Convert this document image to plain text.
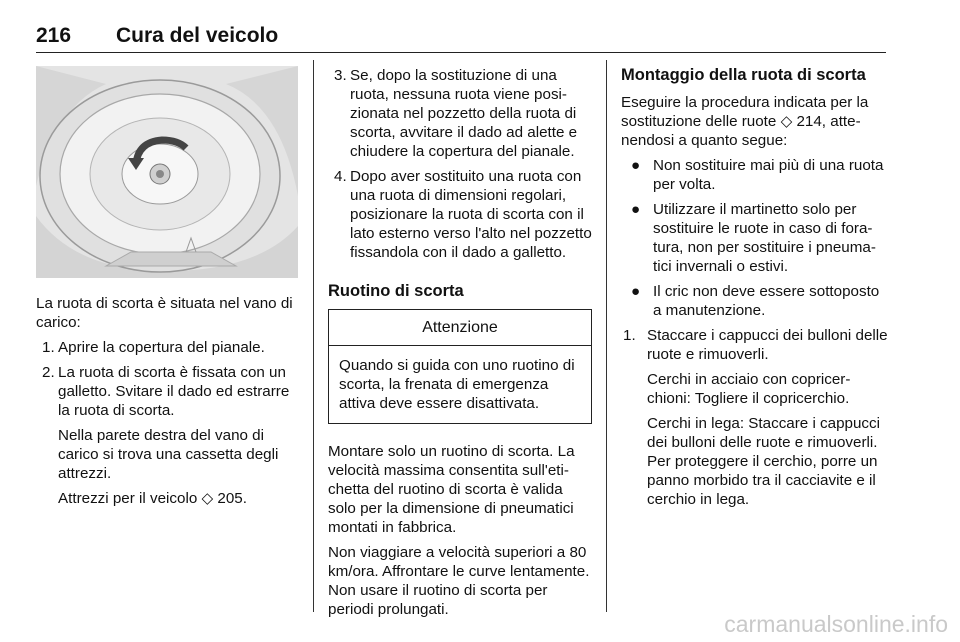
216 Cura del veicolo
La ruota di scorta è situata nel vano di carico:
1. Aprire la copertura del pianale.
2. La ruota di scorta è fissata con un galletto. Svitare il dado ed estrarre la ruota di scorta.

Nella parete destra del vano di carico si trova una cassetta degli attrezzi.

Attrezzi per il veicolo ◇ 205.

3. Se, dopo la sostituzione di una ruota, nessuna ruota viene posizionata nel pozzetto della ruota di scorta, avvitare il dado ad alette e chiudere la copertura del pianale.
4. Dopo aver sostituito una ruota con una ruota di dimensioni regolari, posizionare la ruota di scorta con il lato esterno verso l'alto nel pozzetto fissandola con il dado a galletto.
Ruotino di scorta
Attenzione
Quando si guida con uno ruotino di scorta, la frenata di emergenza attiva deve essere disattivata.
Montare solo un ruotino di scorta. La velocità massima consentita sull'etichetta del ruotino di scorta è valida solo per la dimensione di pneumatici montati in fabbrica.
Non viaggiare a velocità superiori a 80 km/ora. Affrontare le curve lentamente. Non usare il ruotino di scorta per periodi prolungati.
Montaggio della ruota di scorta
Eseguire la procedura indicata per la sostituzione delle ruote ◇ 214, attenendosi a quanto segue:
● Non sostituire mai più di una ruota per volta.
● Utilizzare il martinetto solo per sostituire le ruote in caso di foratura, non per sostituire i pneumatici invernali o estivi.
● Il cric non deve essere sottoposto a manutenzione.
1. Staccare i cappucci dei bulloni delle ruote e rimuoverli.

Cerchi in acciaio con copricerchioni: Togliere il copricerchio.

Cerchi in lega: Staccare i cappucci dei bulloni delle ruote e rimuoverli. Per proteggere il cerchio, porre un panno morbido tra il cacciavite e il cerchio in lega.

carmanualsonline.info
